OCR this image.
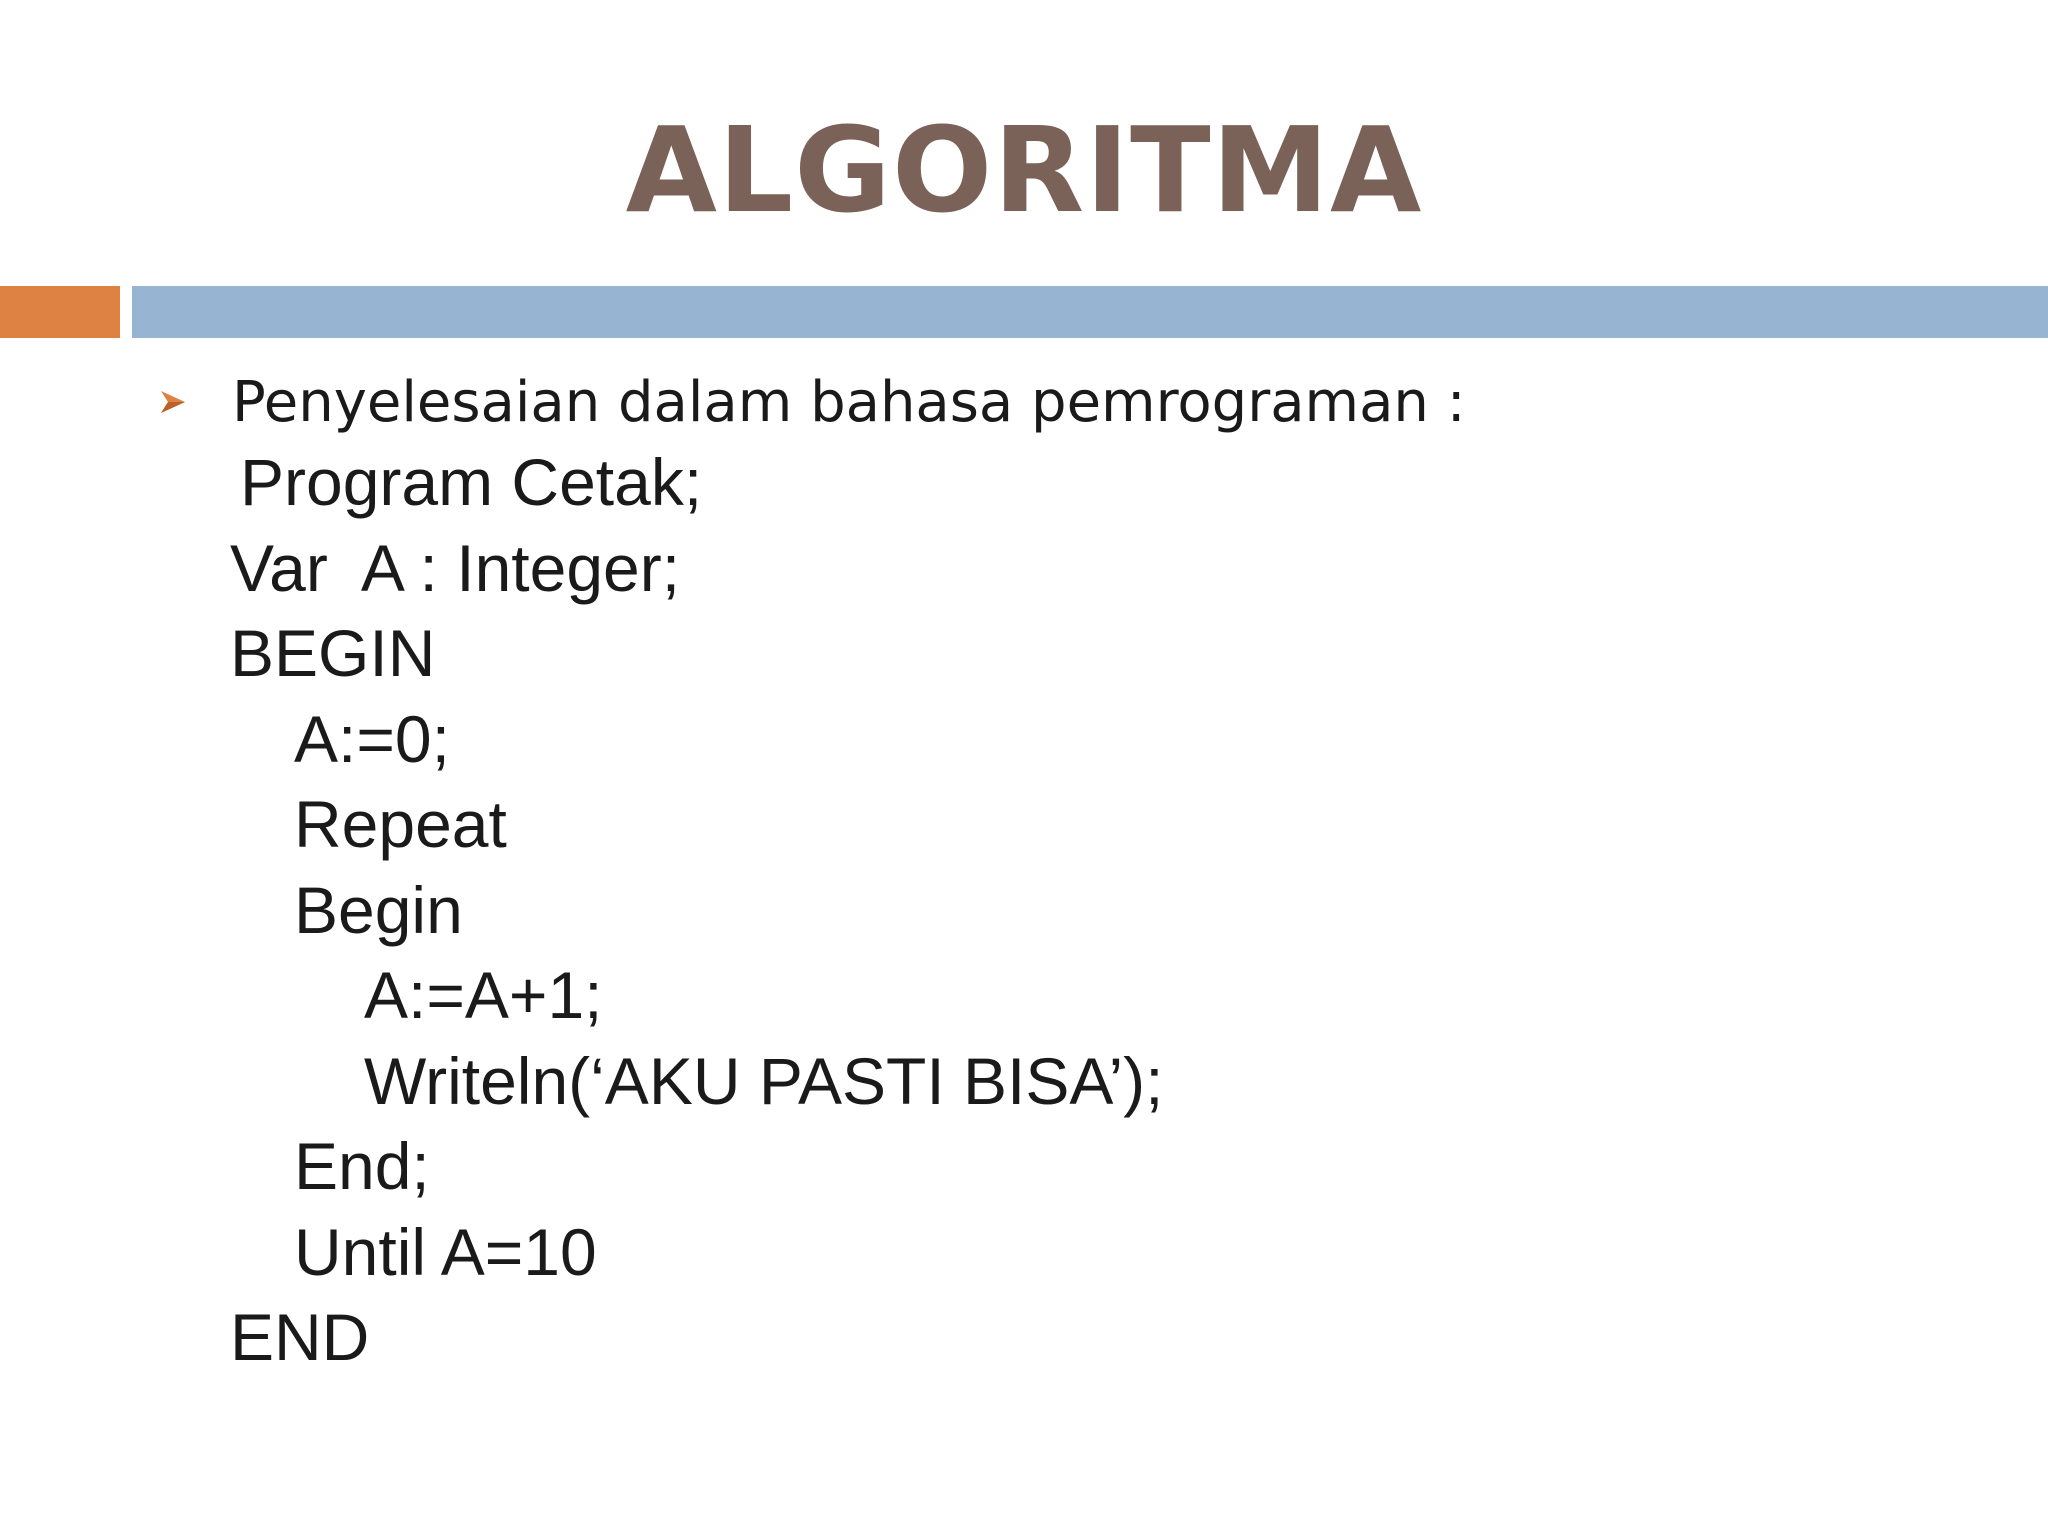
ALGORITMA
Penyelesaian dalam bahasa pemrograman :
Program Cetak;
Var  A : Integer;
BEGIN
A:=0;
Repeat
Begin
A:=A+1;
Writeln(‘AKU PASTI BISA’);
End;
Until A=10
END
